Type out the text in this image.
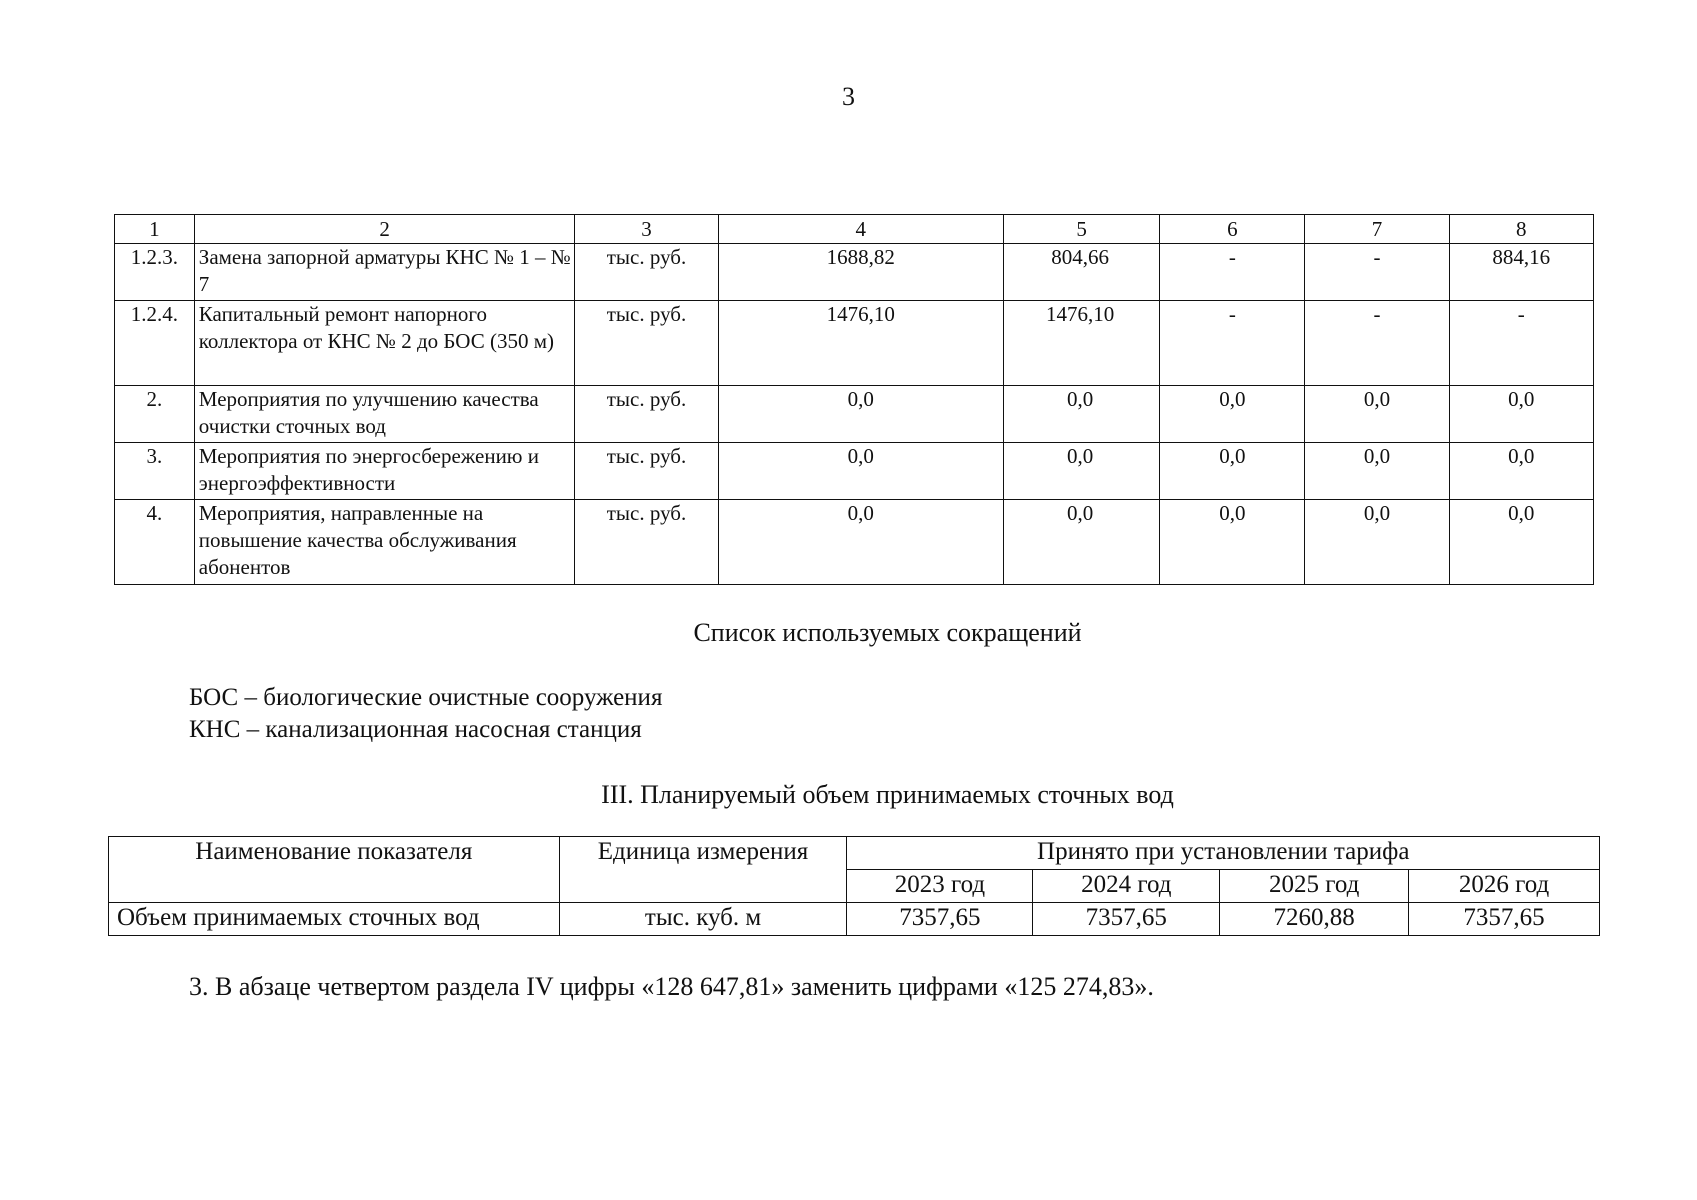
3
1	2	3	4	5	6	7	8
1.2.3.	Замена запорной арматуры КНС № 1 – № 7	тыс. руб.	1688,82	804,66	-	-	884,16
1.2.4.	Капитальный ремонт напорного коллектора от КНС № 2 до БОС (350 м)	тыс. руб.	1476,10	1476,10	-	-	-
2.	Мероприятия по улучшению качества очистки сточных вод	тыс. руб.	0,0	0,0	0,0	0,0	0,0
3.	Мероприятия по энергосбережению и энергоэффективности	тыс. руб.	0,0	0,0	0,0	0,0	0,0
4.	Мероприятия, направленные на повышение качества обслуживания абонентов	тыс. руб.	0,0	0,0	0,0	0,0	0,0
Список используемых сокращений
БОС – биологические очистные сооружения
КНС – канализационная насосная станция
III. Планируемый объем принимаемых сточных вод
Наименование показателя	Единица измерения	Принято при установлении тарифа			
		2023 год	2024 год	2025 год	2026 год
Объем принимаемых сточных вод	тыс. куб. м	7357,65	7357,65	7260,88	7357,65
3. В абзаце четвертом раздела IV цифры «128 647,81» заменить цифрами «125 274,83».
